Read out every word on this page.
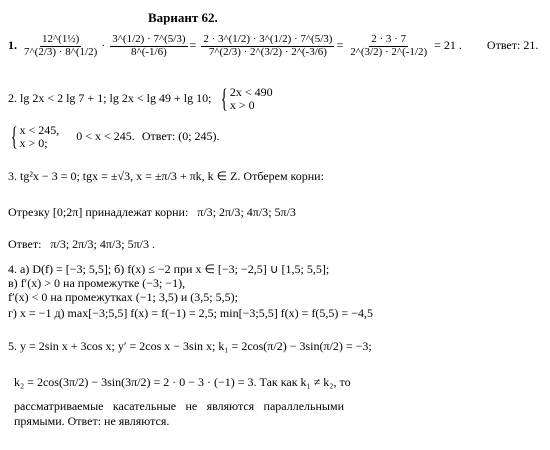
Вариант 62.
1. $\frac{\text{12\textasciicircum{}(1½)}}{7\^{}(2/3) \cdot 8\^{}(1/2)} \cdot \frac{3\^{}(1/2) \cdot 7\^{}(5/3)}{8\^{}(-1/6)} = \frac{2 \cdot 3\^{}(1/2) \cdot 3\^{}(1/2) \cdot 7\^{}(5/3)}{7\^{}(2/3) \cdot 2\^{}(3/2) \cdot 2\^{}(-3/6)} = \frac{2 \cdot 3 \cdot 7}{2\^{}(3/2) \cdot 2\^{}(-1/2)} = 21$ . Ответ: 21.
2. lg 2x < 2 lg 7 + 1; lg 2x < lg 49 + lg 10; { 2x < 490
x > 0
{ x < 245,
x > 0;
0 < x < 245. Ответ: (0; 245).
3. tg²x − 3 = 0; tgx = ±√3, x = ±π/3 + πk, k ∈ Z. Отберем корни:
Отрезку [0;2π] принадлежат корни: π/3; 2π/3; 4π/3; 5π/3
Ответ: π/3; 2π/3; 4π/3; 5π/3 .
4. а) D(f) = [−3; 5,5]; б) f(x) ≤ −2 при x ∈ [−3; −2,5] ∪ [1,5; 5,5];
в) f′(x) > 0 на промежутке (−3; −1),
f′(x) < 0 на промежутках (−1; 3,5) и (3,5; 5,5);
г) x = −1 д) max[−3;5,5] f(x) = f(−1) = 2,5; min[−3;5,5] f(x) = f(5,5) = −4,5
5. y = 2sin x + 3cos x; y′ = 2cos x − 3sin x; k₁ = 2cos(π/2) − 3sin(π/2) = −3;
k₂ = 2cos(3π/2) − 3sin(3π/2) = 2 · 0 − 3 · (−1) = 3. Так как k₁ ≠ k₂, то
рассматриваемые касательные не являются параллельными
прямыми. Ответ: не являются.
